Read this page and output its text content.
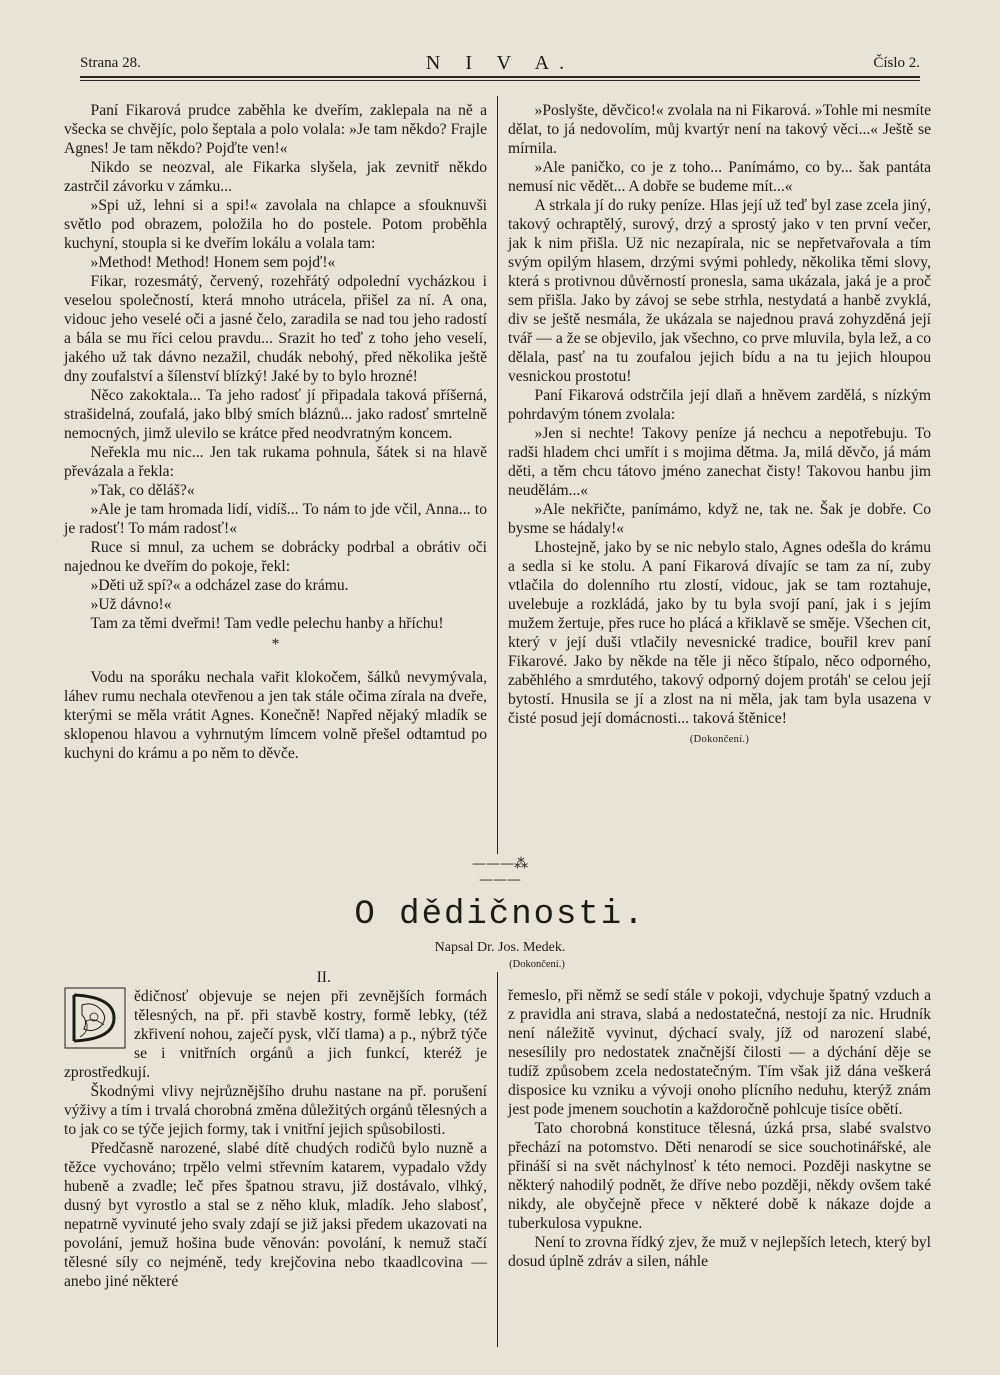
Strana 28.	N I V A.	Číslo 2.

Paní Fikarová prudce zaběhla ke dveřím, zaklepala na ně a všecka se chvějíc, polo šeptala a polo volala: »Je tam někdo? Frajle Agnes! Je tam někdo? Pojďte ven!«

Nikdo se neozval, ale Fikarka slyšela, jak zevnitř někdo zastrčil závorku v zámku...

»Spi už, lehni si a spi!« zavolala na chlapce a sfouknuvši světlo pod obrazem, položila ho do postele. Potom proběhla kuchyní, stoupla si ke dveřím lokálu a volala tam:

»Method! Method! Honem sem pojď!«

Fikar, rozesmátý, červený, rozehřátý odpolední vycházkou i veselou společností, která mnoho utrácela, přišel za ní. A ona, vidouc jeho veselé oči a jasné čelo, zaradila se nad tou jeho radostí a bála se mu říci celou pravdu... Srazit ho teď z toho jeho veselí, jakého už tak dávno nezažil, chudák nebohý, před několika ještě dny zoufalství a šílenství blízký! Jaké by to bylo hrozné!

Něco zakoktala... Ta jeho radosť jí připadala taková příšerná, strašidelná, zoufalá, jako blbý smích bláznů... jako radosť smrtelně nemocných, jimž ulevilo se krátce před neodvratným koncem.

Neřekla mu nic... Jen tak rukama pohnula, šátek si na hlavě převázala a řekla:

»Tak, co děláš?«

»Ale je tam hromada lidí, vidíš... To nám to jde včil, Anna... to je radosť! To mám radosť!«

Ruce si mnul, za uchem se dobrácky podrbal a obrátiv oči najednou ke dveřím do pokoje, řekl:

»Děti už spí?« a odcházel zase do krámu.

»Už dávno!«

Tam za těmi dveřmi! Tam vedle pelechu hanby a hříchu!

*

Vodu na sporáku nechala vařit klokočem, šálků nevymývala, láhev rumu nechala otevřenou a jen tak stále očima zírala na dveře, kterými se měla vrátit Agnes. Konečně! Napřed nějaký mladík se sklopenou hlavou a vyhrnutým límcem volně přešel odtamtud po kuchyni do krámu a po něm to děvče.

»Poslyšte, děvčico!« zvolala na ni Fikarová. »Tohle mi nesmíte dělat, to já nedovolím, můj kvartýr není na takový věci...« Ještě se mírnila.

»Ale paničko, co je z toho... Panímámo, co by... šak pantáta nemusí nic vědět... A dobře se budeme mít...«

A strkala jí do ruky peníze. Hlas její už teď byl zase zcela jiný, takový ochraptělý, surový, drzý a sprostý jako v ten první večer, jak k nim přišla. Už nic nezapírala, nic se nepřetvařovala a tím svým opilým hlasem, drzými svými pohledy, několika těmi slovy, která s protivnou důvěrností pronesla, sama ukázala, jaká je a proč sem přišla. Jako by závoj se sebe strhla, nestydatá a hanbě zvyklá, div se ještě nesmála, že ukázala se najednou pravá zohyzděná její tvář — a že se objevilo, jak všechno, co prve mluvila, byla lež, a co dělala, pasť na tu zoufalou jejich bídu a na tu jejich hloupou vesnickou prostotu!

Paní Fikarová odstrčila její dlaň a hněvem zardělá, s nízkým pohrdavým tónem zvolala:

»Jen si nechte! Takovy peníze já nechcu a nepotřebuju. To radši hladem chci umřít i s mojima dětma. Ja, milá děvčo, já mám děti, a těm chcu tátovo jméno zanechat čisty! Takovou hanbu jim neudělám...«

»Ale nekřičte, panímámo, když ne, tak ne. Šak je dobře. Co bysme se hádaly!«

Lhostejně, jako by se nic nebylo stalo, Agnes odešla do krámu a sedla si ke stolu. A paní Fikarová dívajíc se tam za ní, zuby vtlačila do dolenního rtu zlostí, vidouc, jak se tam roztahuje, uvelebuje a rozkládá, jako by tu byla svojí paní, jak i s jejím mužem žertuje, přes ruce ho plácá a křiklavě se směje. Všechen cit, který v její duši vtlačily nevesnické tradice, bouřil krev paní Fikarové. Jako by někde na těle ji něco štípalo, něco odporného, zaběhlého a smrdutého, takový odporný dojem protáh' se celou její bytostí. Hnusila se jí a zlost na ni měla, jak tam byla usazena v čisté posud její domácnosti... taková štěnice!

(Dokončení.)

———⁂———
O dědičnosti.
Napsal Dr. Jos. Medek.
(Dokončení.)

II.

ědičnosť objevuje se nejen při zevnějších formách tělesných, na př. při stavbě kostry, formě lebky, (též zkřivení nohou, zaječí pysk, vlčí tlama) a p., nýbrž týče se i vnitřních orgánů a jich funkcí, kteréž je zprostředkují.

Škodnými vlivy nejrůznějšího druhu nastane na př. porušení výživy a tím i trvalá chorobná změna důležitých orgánů tělesných a to jak co se týče jejich formy, tak i vnitřní jejich spůsobilosti.

Předčasně narozené, slabé dítě chudých rodičů bylo nuzně a těžce vychováno; trpělo velmi střevním katarem, vypadalo vždy hubeně a zvadle; leč přes špatnou stravu, již dostávalo, vlhký, dusný byt vyrostlo a stal se z něho kluk, mladík. Jeho slabosť, nepatrně vyvinuté jeho svaly zdají se již jaksi předem ukazovati na povolání, jemuž hošina bude věnován: povolání, k nemuž stačí tělesné síly co nejméně, tedy krejčovina nebo tkaadlcovina — anebo jiné některé

řemeslo, při němž se sedí stále v pokoji, vdychuje špatný vzduch a z pravidla ani strava, slabá a nedostatečná, nestojí za nic. Hrudník není náležitě vyvinut, dýchací svaly, jíž od narození slabé, nesesílily pro nedostatek značnější čilosti — a dýchání děje se tudíž způsobem zcela nedostatečným. Tím však již dána veškerá disposice ku vzniku a vývoji onoho plícního neduhu, kterýž znám jest pode jmenem souchotin a každoročně pohlcuje tisíce obětí.

Tato chorobná konstituce tělesná, úzká prsa, slabé svalstvo přechází na potomstvo. Děti nenarodí se sice souchotinářské, ale přináší si na svět náchylnosť k této nemoci. Později naskytne se některý nahodilý podnět, že dříve nebo později, někdy ovšem také nikdy, ale obyčejně přece v některé době k nákaze dojde a tuberkulosa vypukne.

Není to zrovna řídký zjev, že muž v nejlepších letech, který byl dosud úplně zdráv a silen, náhle
